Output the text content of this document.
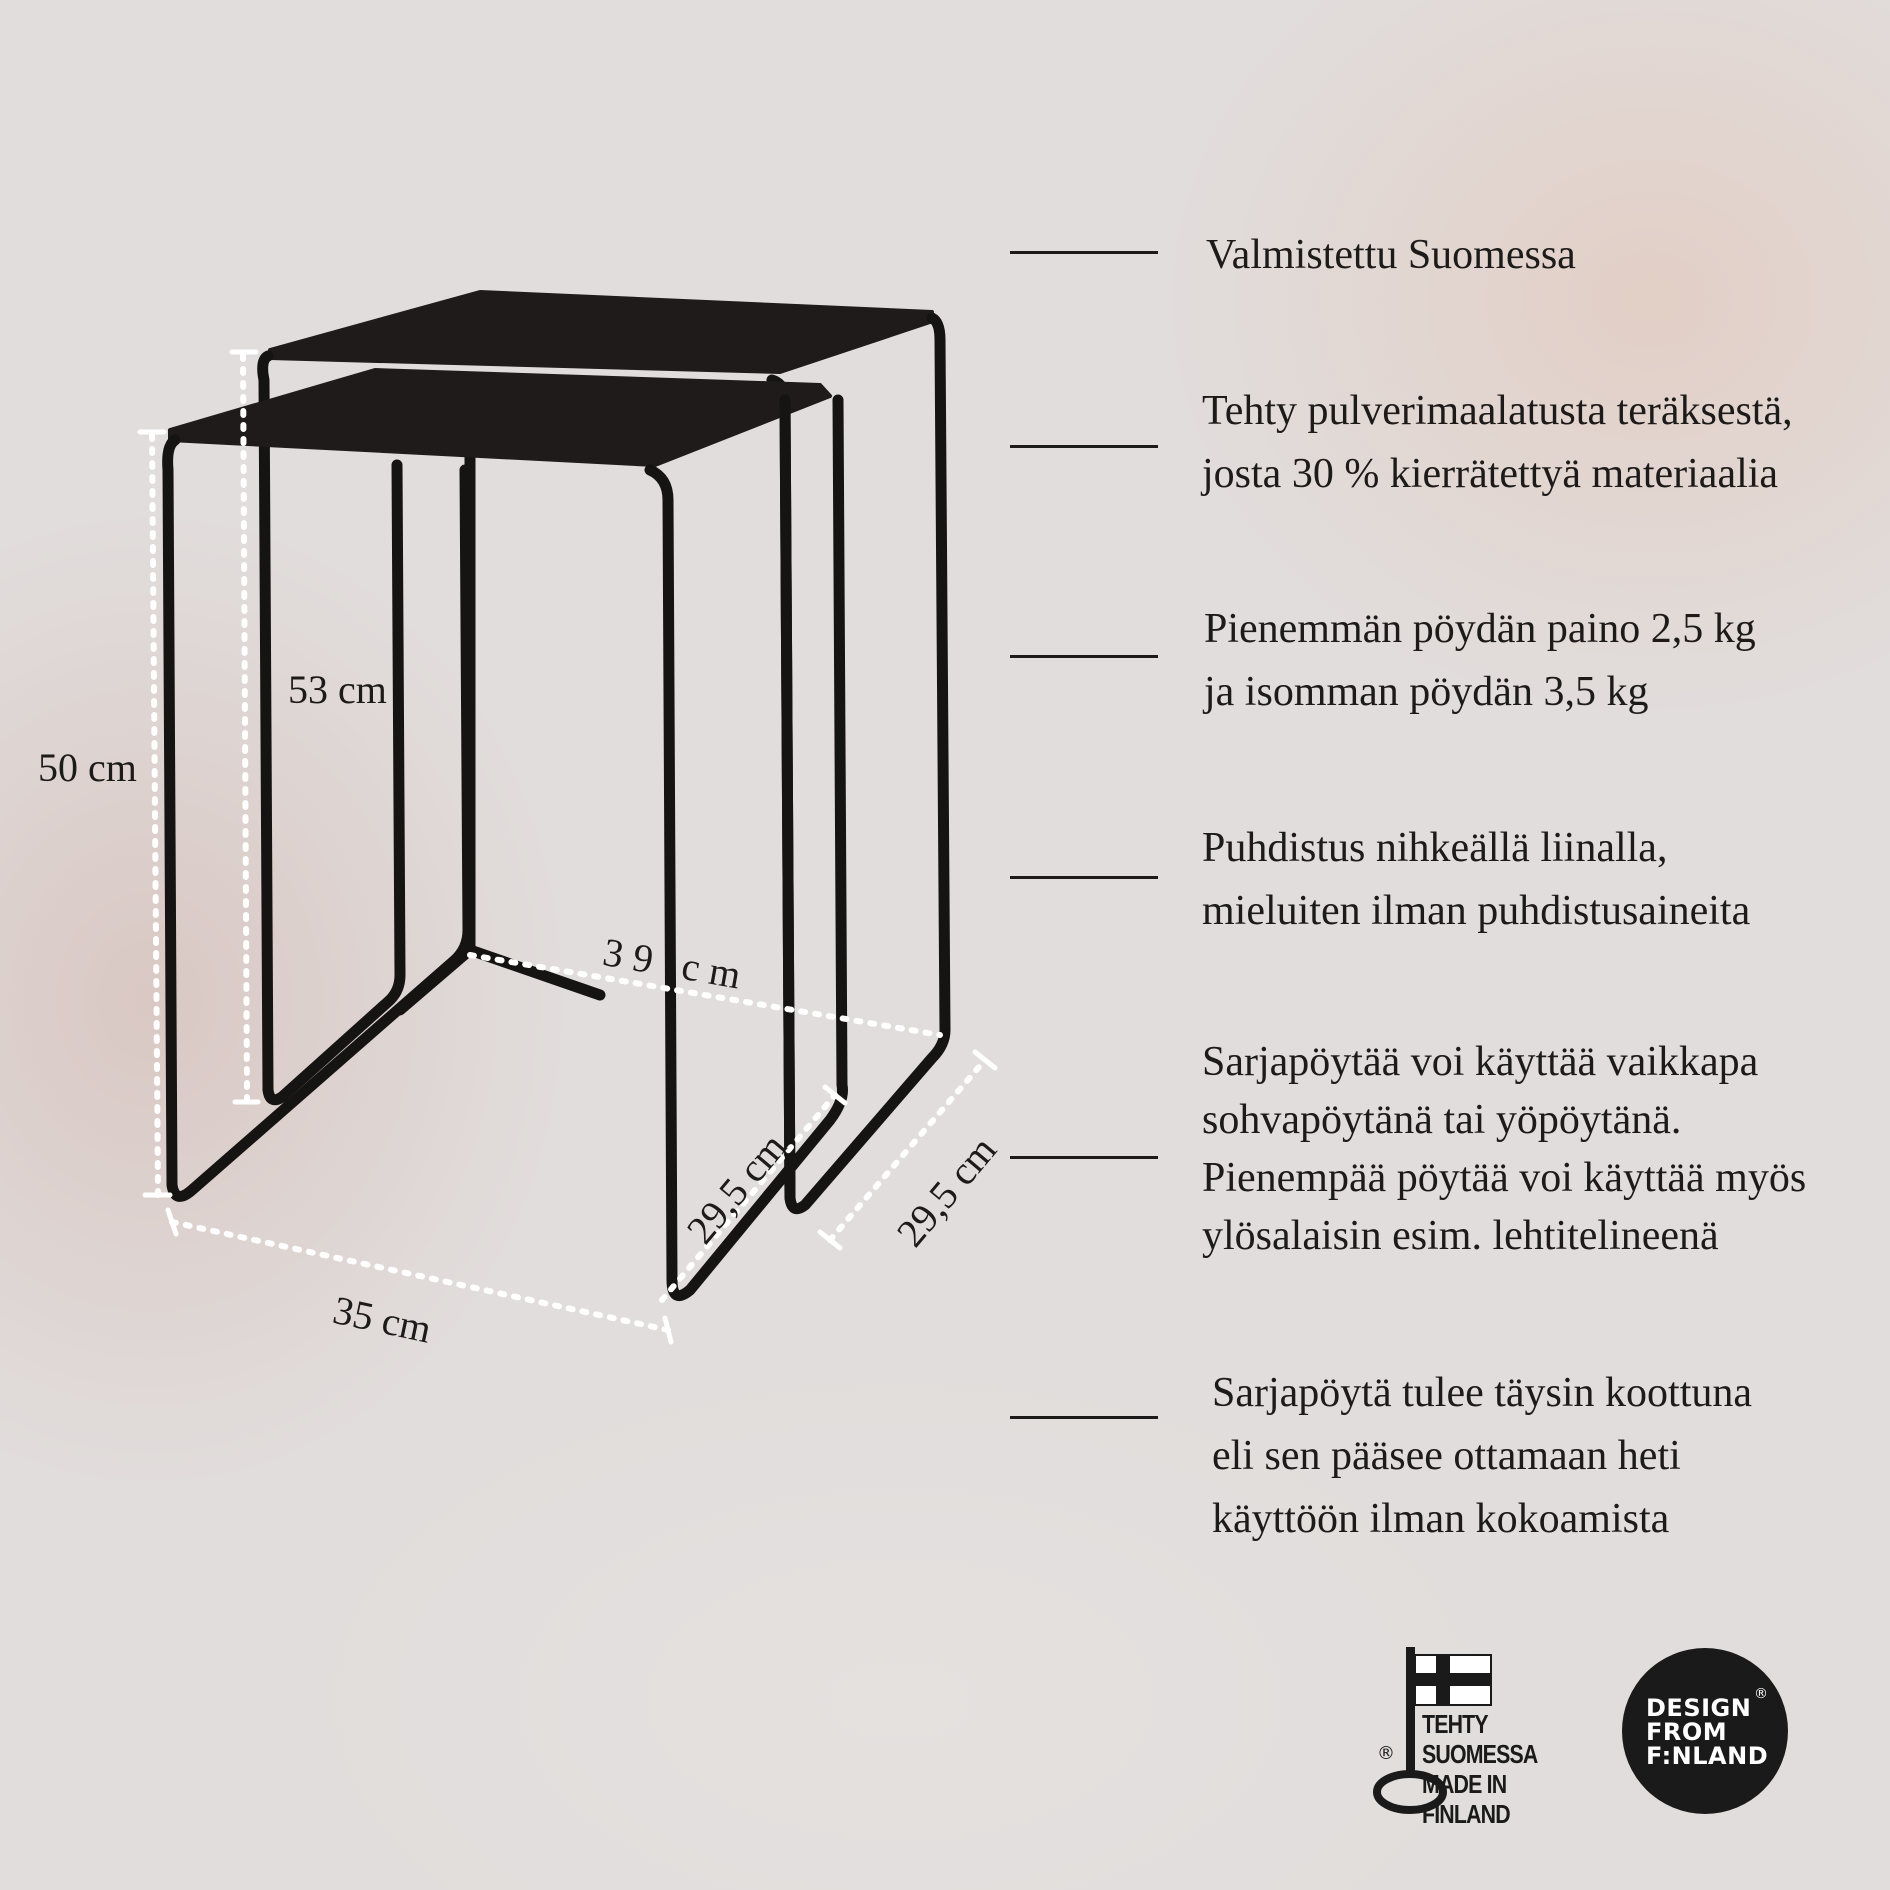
50 cm
53 cm
35 cm
39 cm
29,5 cm 29,5 cm
Valmistettu Suomessa
Tehty pulverimaalatusta teräksestä,
josta 30 % kierrätettyä materiaalia
Pienemmän pöydän paino 2,5 kg
ja isomman pöydän 3,5 kg
Puhdistus nihkeällä liinalla,
mieluiten ilman puhdistusaineita
Sarjapöytää voi käyttää vaikkapa
sohvapöytänä tai yöpöytänä.
Pienempää pöytää voi käyttää myös
ylösalaisin esim. lehtitelineenä
Sarjapöytä tulee täysin koottuna
eli sen pääsee ottamaan heti
käyttöön ilman kokoamista
®
TEHTY SUOMESSA
MADE IN FINLAND
DESIGN
FROM
F:NLAND
®
